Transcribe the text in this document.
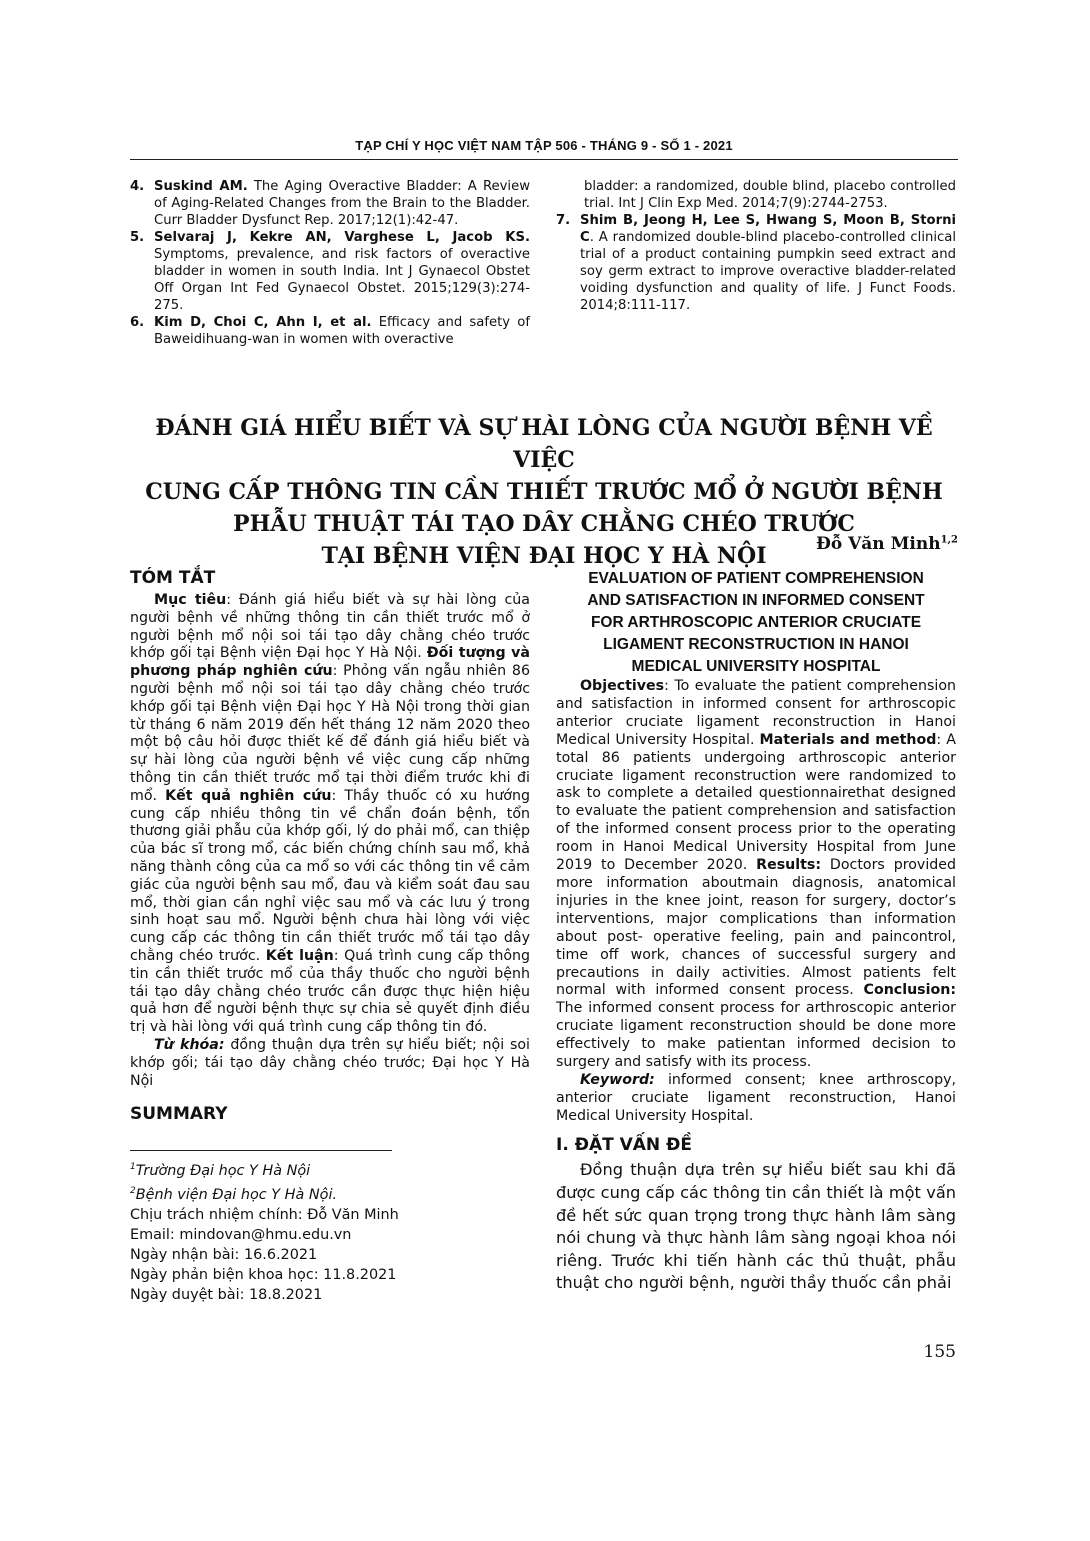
TẠP CHÍ Y HỌC VIỆT NAM TẬP 506 - THÁNG 9 - SỐ 1 - 2021
4. Suskind AM. The Aging Overactive Bladder: A Review of Aging-Related Changes from the Brain to the Bladder. Curr Bladder Dysfunct Rep. 2017;12(1):42-47.
5. Selvaraj J, Kekre AN, Varghese L, Jacob KS. Symptoms, prevalence, and risk factors of overactive bladder in women in south India. Int J Gynaecol Obstet Off Organ Int Fed Gynaecol Obstet. 2015;129(3):274-275.
6. Kim D, Choi C, Ahn I, et al. Efficacy and safety of Baweidihuang-wan in women with overactive
bladder: a randomized, double blind, placebo controlled trial. Int J Clin Exp Med. 2014;7(9):2744-2753.
7. Shim B, Jeong H, Lee S, Hwang S, Moon B, Storni C. A randomized double-blind placebo-controlled clinical trial of a product containing pumpkin seed extract and soy germ extract to improve overactive bladder-related voiding dysfunction and quality of life. J Funct Foods. 2014;8:111-117.
ĐÁNH GIÁ HIỂU BIẾT VÀ SỰ HÀI LÒNG CỦA NGƯỜI BỆNH VỀ VIỆC
CUNG CẤP THÔNG TIN CẦN THIẾT TRƯỚC MỔ Ở NGƯỜI BỆNH
PHẪU THUẬT TÁI TẠO DÂY CHẰNG CHÉO TRƯỚC
TẠI BỆNH VIỆN ĐẠI HỌC Y HÀ NỘI	Đỗ Văn Minh$^{1,2}$
TÓM TẮT

Mục tiêu: Đánh giá hiểu biết và sự hài lòng của người bệnh về những thông tin cần thiết trước mổ ở người bệnh mổ nội soi tái tạo dây chằng chéo trước khớp gối tại Bệnh viện Đại học Y Hà Nội. Đối tượng và phương pháp nghiên cứu: Phỏng vấn ngẫu nhiên 86 người bệnh mổ nội soi tái tạo dây chằng chéo trước khớp gối tại Bệnh viện Đại học Y Hà Nội trong thời gian từ tháng 6 năm 2019 đến hết tháng 12 năm 2020 theo một bộ câu hỏi được thiết kế để đánh giá hiểu biết và sự hài lòng của người bệnh về việc cung cấp những thông tin cần thiết trước mổ tại thời điểm trước khi đi mổ. Kết quả nghiên cứu: Thầy thuốc có xu hướng cung cấp nhiều thông tin về chẩn đoán bệnh, tổn thương giải phẫu của khớp gối, lý do phải mổ, can thiệp của bác sĩ trong mổ, các biến chứng chính sau mổ, khả năng thành công của ca mổ so với các thông tin về cảm giác của người bệnh sau mổ, đau và kiểm soát đau sau mổ, thời gian cần nghỉ việc sau mổ và các lưu ý trong sinh hoạt sau mổ. Người bệnh chưa hài lòng với việc cung cấp các thông tin cần thiết trước mổ tái tạo dây chằng chéo trước. Kết luận: Quá trình cung cấp thông tin cần thiết trước mổ của thầy thuốc cho người bệnh tái tạo dây chằng chéo trước cần được thực hiện hiệu quả hơn để người bệnh thực sự chia sẻ quyết định điều trị và hài lòng với quá trình cung cấp thông tin đó.

Từ khóa: đồng thuận dựa trên sự hiểu biết; nội soi khớp gối; tái tạo dây chằng chéo trước; Đại học Y Hà Nội

SUMMARY
$^1$Trường Đại học Y Hà Nội
$^2$Bệnh viện Đại học Y Hà Nội.
Chịu trách nhiệm chính: Đỗ Văn Minh
Email: mindovan@hmu.edu.vn
Ngày nhận bài: 16.6.2021
Ngày phản biện khoa học: 11.8.2021
Ngày duyệt bài: 18.8.2021

EVALUATION OF PATIENT COMPREHENSION

AND SATISFACTION IN INFORMED CONSENT

FOR ARTHROSCOPIC ANTERIOR CRUCIATE

LIGAMENT RECONSTRUCTION IN HANOI

MEDICAL UNIVERSITY HOSPITAL

Objectives: To evaluate the patient comprehension and satisfaction in informed consent for arthroscopic anterior cruciate ligament reconstruction in Hanoi Medical University Hospital. Materials and method: A total 86 patients undergoing arthroscopic anterior cruciate ligament reconstruction were randomized to ask to complete a detailed questionnairethat designed to evaluate the patient comprehension and satisfaction of the informed consent process prior to the operating room in Hanoi Medical University Hospital from June 2019 to December 2020. Results: Doctors provided more information aboutmain diagnosis, anatomical injuries in the knee joint, reason for surgery, doctor’s interventions, major complications than information about post- operative feeling, pain and paincontrol, time off work, chances of successful surgery and precautions in daily activities. Almost patients felt normal with informed consent process. Conclusion: The informed consent process for arthroscopic anterior cruciate ligament reconstruction should be done more effectively to make patientan informed decision to surgery and satisfy with its process.

Keyword: informed consent; knee arthroscopy, anterior cruciate ligament reconstruction, Hanoi Medical University Hospital.

I. ĐẶT VẤN ĐỀ

Đồng thuận dựa trên sự hiểu biết sau khi đã được cung cấp các thông tin cần thiết là một vấn đề hết sức quan trọng trong thực hành lâm sàng nói chung và thực hành lâm sàng ngoại khoa nói riêng. Trước khi tiến hành các thủ thuật, phẫu thuật cho người bệnh, người thầy thuốc cần phải

155
